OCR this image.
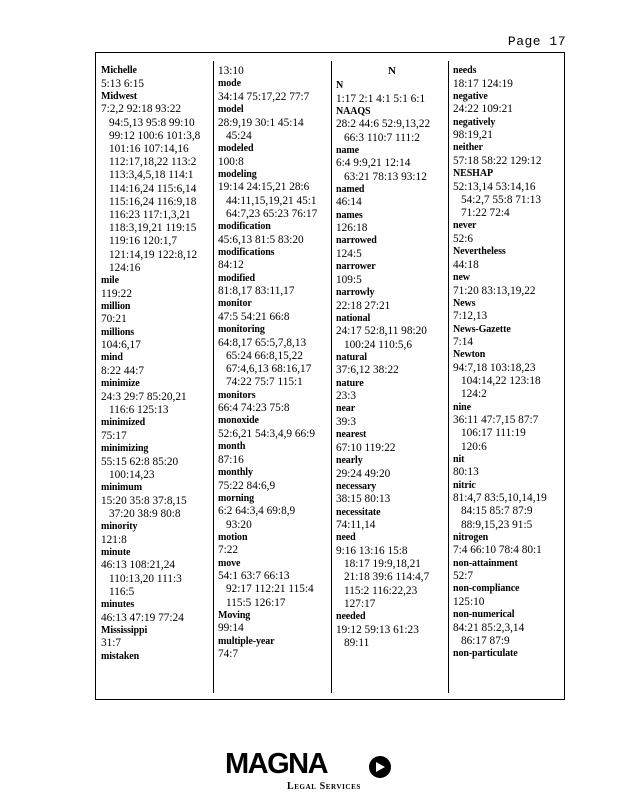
Page 17
Michelle
5:13 6:15
Midwest
7:2,2 92:18 93:22
94:5,13 95:8 99:10
99:12 100:6 101:3,8
101:16 107:14,16
112:17,18,22 113:2
113:3,4,5,18 114:1
114:16,24 115:6,14
115:16,24 116:9,18
116:23 117:1,3,21
118:3,19,21 119:15
119:16 120:1,7
121:14,19 122:8,12
124:16
mile
119:22
million
70:21
millions
104:6,17
mind
8:22 44:7
minimize
24:3 29:7 85:20,21
116:6 125:13
minimized
75:17
minimizing
55:15 62:8 85:20
100:14,23
minimum
15:20 35:8 37:8,15
37:20 38:9 80:8
minority
121:8
minute
46:13 108:21,24
110:13,20 111:3
116:5
minutes
46:13 47:19 77:24
Mississippi
31:7
mistaken
13:10
mode
34:14 75:17,22 77:7
model
28:9,19 30:1 45:14
45:24
modeled
100:8
modeling
19:14 24:15,21 28:6
44:11,15,19,21 45:1
64:7,23 65:23 76:17
modification
45:6,13 81:5 83:20
modifications
84:12
modified
81:8,17 83:11,17
monitor
47:5 54:21 66:8
monitoring
64:8,17 65:5,7,8,13
65:24 66:8,15,22
67:4,6,13 68:16,17
74:22 75:7 115:1
monitors
66:4 74:23 75:8
monoxide
52:6,21 54:3,4,9 66:9
month
87:16
monthly
75:22 84:6,9
morning
6:2 64:3,4 69:8,9
93:20
motion
7:22
move
54:1 63:7 66:13
92:17 112:21 115:4
115:5 126:17
Moving
99:14
multiple-year
74:7
N
N
1:17 2:1 4:1 5:1 6:1
NAAQS
28:2 44:6 52:9,13,22
66:3 110:7 111:2
name
6:4 9:9,21 12:14
63:21 78:13 93:12
named
46:14
names
126:18
narrowed
124:5
narrower
109:5
narrowly
22:18 27:21
national
24:17 52:8,11 98:20
100:24 110:5,6
natural
37:6,12 38:22
nature
23:3
near
39:3
nearest
67:10 119:22
nearly
29:24 49:20
necessary
38:15 80:13
necessitate
74:11,14
need
9:16 13:16 15:8
18:17 19:9,18,21
21:18 39:6 114:4,7
115:2 116:22,23
127:17
needed
19:12 59:13 61:23
89:11
needs
18:17 124:19
negative
24:22 109:21
negatively
98:19,21
neither
57:18 58:22 129:12
NESHAP
52:13,14 53:14,16
54:2,7 55:8 71:13
71:22 72:4
never
52:6
Nevertheless
44:18
new
71:20 83:13,19,22
News
7:12,13
News-Gazette
7:14
Newton
94:7,18 103:18,23
104:14,22 123:18
124:2
nine
36:11 47:7,15 87:7
106:17 111:19
120:6
nit
80:13
nitric
81:4,7 83:5,10,14,19
84:15 85:7 87:9
88:9,15,23 91:5
nitrogen
7:4 66:10 78:4 80:1
non-attainment
52:7
non-compliance
125:10
non-numerical
84:21 85:2,3,14
86:17 87:9
non-particulate
MAGNA
Legal Services
